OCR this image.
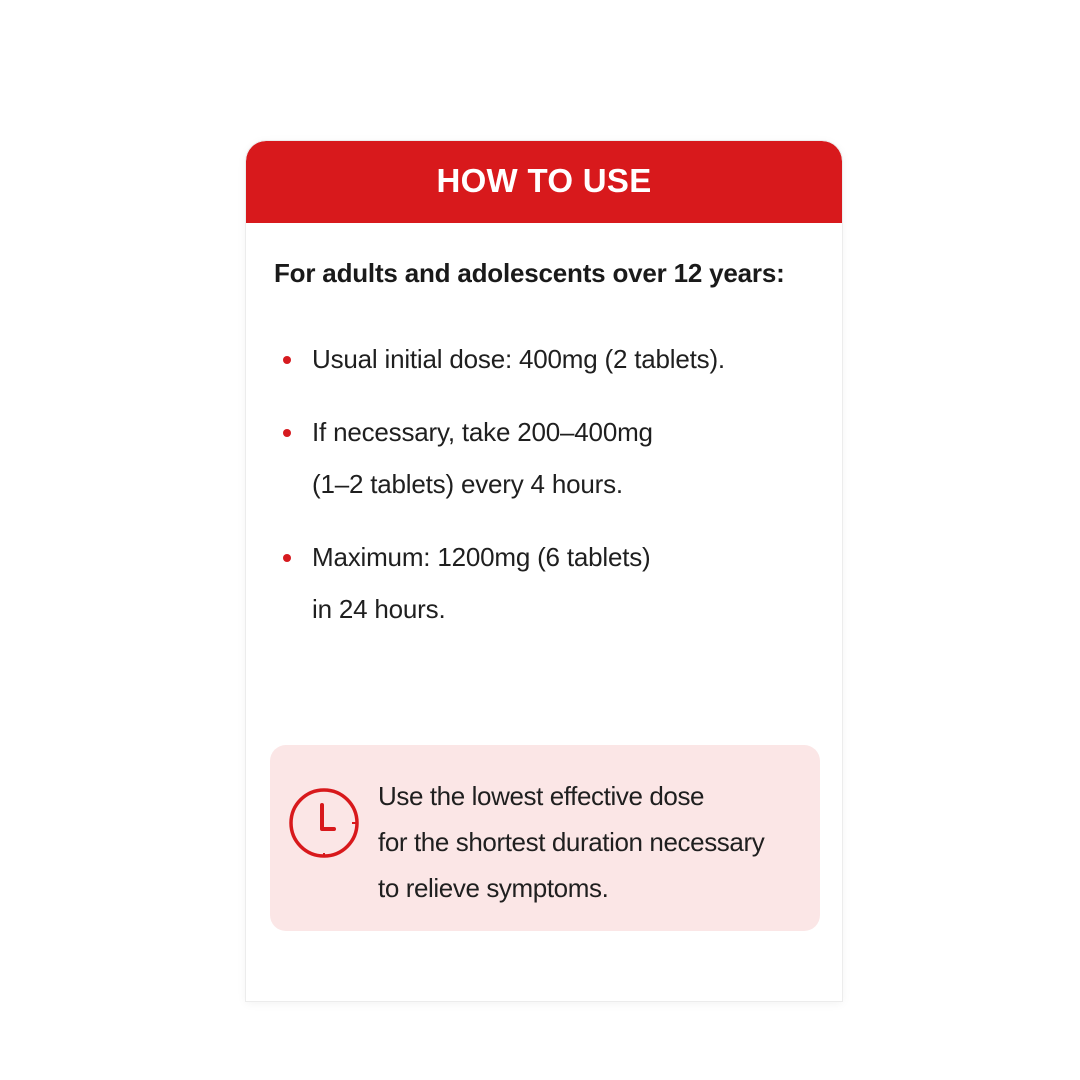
HOW TO USE
For adults and adolescents over 12 years:
Usual initial dose: 400mg (2 tablets).
If necessary, take 200–400mg
(1–2 tablets) every 4 hours.
Maximum: 1200mg (6 tablets)
in 24 hours.
Use the lowest effective dose
for the shortest duration necessary
to relieve symptoms.
